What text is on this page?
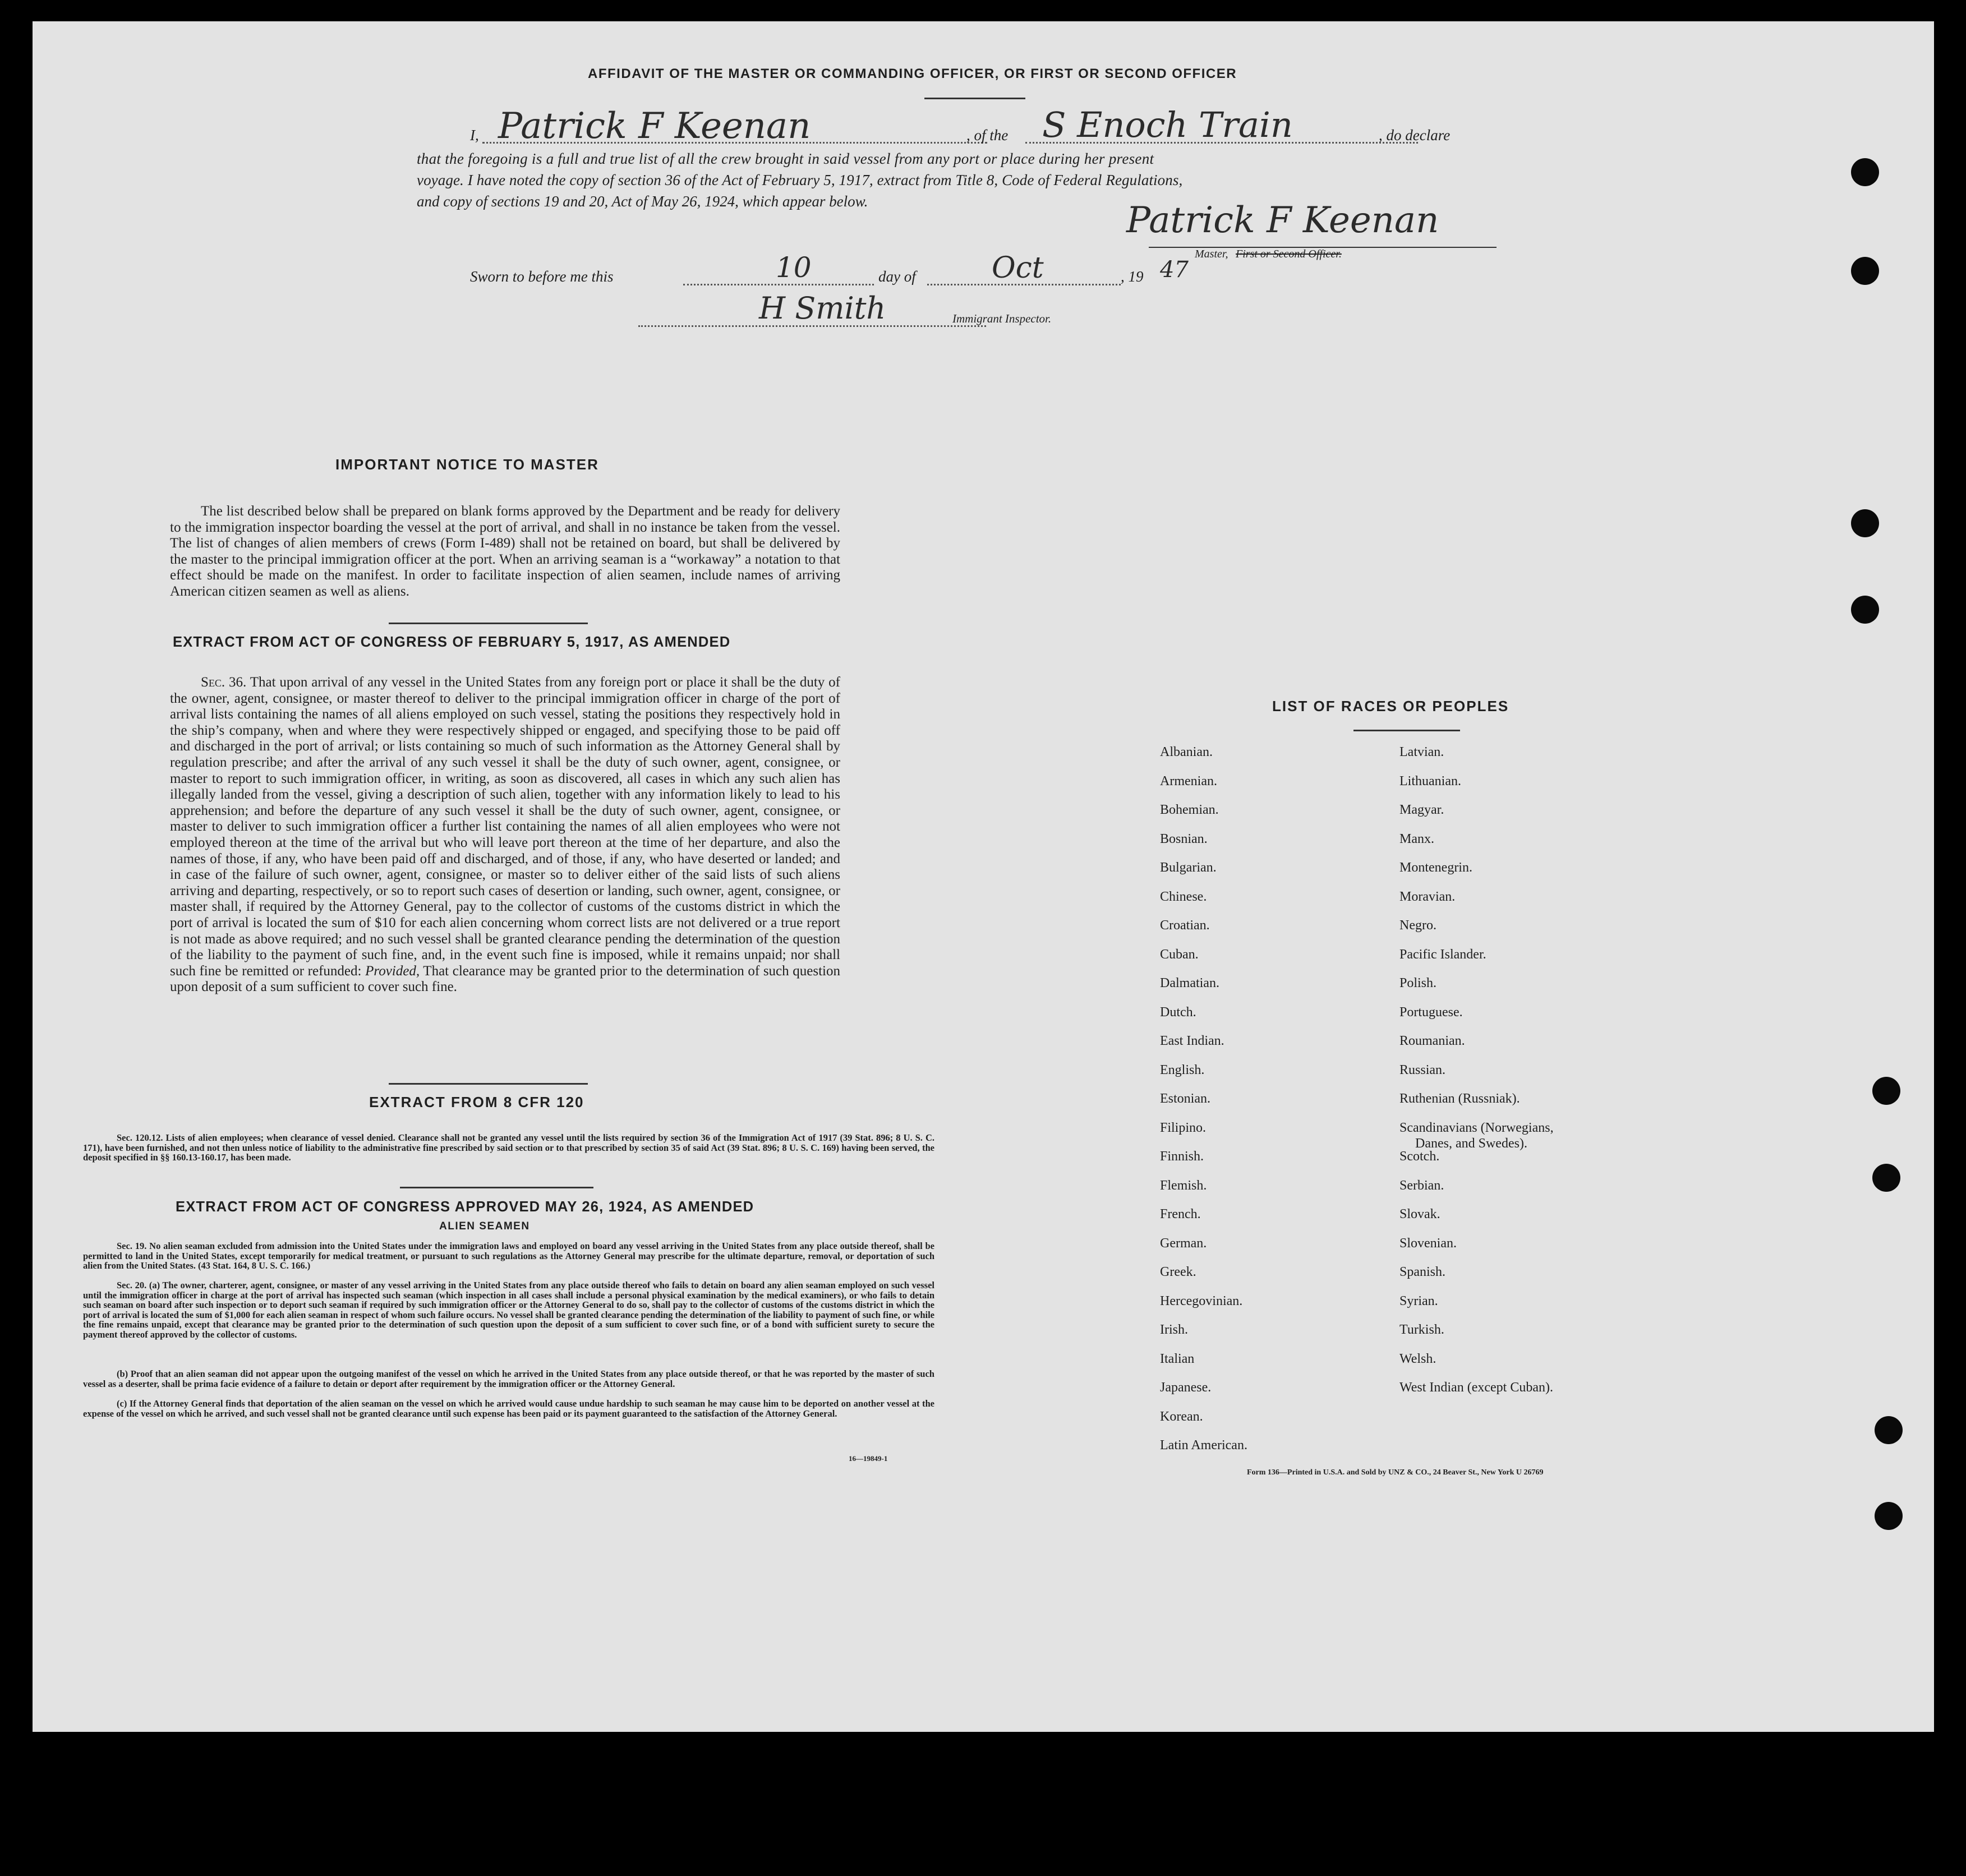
AFFIDAVIT OF THE MASTER OR COMMANDING OFFICER, OR FIRST OR SECOND OFFICER
I, Patrick F Keenan	, of the S Enoch Train	, do declare
that the foregoing is a full and true list of all the crew brought in said vessel from any port or place during her present
voyage. I have noted the copy of section 36 of the Act of February 5, 1917, extract from Title 8, Code of Federal Regulations,
and copy of sections 19 and 20, Act of May 26, 1924, which appear below.	Patrick F Keenan
Master, First or Second Officer.
Sworn to before me this	10	day of	Oct	, 19 47
H Smith	Immigrant Inspector.
IMPORTANT NOTICE TO MASTER

The list described below shall be prepared on blank forms approved by the Department and be ready for delivery to the immigration inspector boarding the vessel at the port of arrival, and shall in no instance be taken from the vessel. The list of changes of alien members of crews (Form I-489) shall not be retained on board, but shall be delivered by the master to the principal immigration officer at the port. When an arriving seaman is a “workaway” a notation to that effect should be made on the manifest. In order to facilitate inspection of alien seamen, include names of arriving American citizen seamen as well as aliens.

EXTRACT FROM ACT OF CONGRESS OF FEBRUARY 5, 1917, AS AMENDED

Sec. 36. That upon arrival of any vessel in the United States from any foreign port or place it shall be the duty of the owner, agent, consignee, or master thereof to deliver to the principal immigration officer in charge of the port of arrival lists containing the names of all aliens employed on such vessel, stating the positions they respectively hold in the ship’s company, when and where they were respectively shipped or engaged, and specifying those to be paid off and discharged in the port of arrival; or lists containing so much of such information as the Attorney General shall by regulation prescribe; and after the arrival of any such vessel it shall be the duty of such owner, agent, consignee, or master to report to such immigration officer, in writing, as soon as discovered, all cases in which any such alien has illegally landed from the vessel, giving a description of such alien, together with any information likely to lead to his apprehension; and before the departure of any such vessel it shall be the duty of such owner, agent, consignee, or master to deliver to such immigration officer a further list containing the names of all alien employees who were not employed thereon at the time of the arrival but who will leave port thereon at the time of her departure, and also the names of those, if any, who have been paid off and discharged, and of those, if any, who have deserted or landed; and in case of the failure of such owner, agent, consignee, or master so to deliver either of the said lists of such aliens arriving and departing, respectively, or so to report such cases of desertion or landing, such owner, agent, consignee, or master shall, if required by the Attorney General, pay to the collector of customs of the customs district in which the port of arrival is located the sum of $10 for each alien concerning whom correct lists are not delivered or a true report is not made as above required; and no such vessel shall be granted clearance pending the determination of the question of the liability to the payment of such fine, and, in the event such fine is imposed, while it remains unpaid; nor shall such fine be remitted or refunded: Provided, That clearance may be granted prior to the determination of such question upon deposit of a sum sufficient to cover such fine.

EXTRACT FROM 8 CFR 120

Sec. 120.12. Lists of alien employees; when clearance of vessel denied. Clearance shall not be granted any vessel until the lists required by section 36 of the Immigration Act of 1917 (39 Stat. 896; 8 U. S. C. 171), have been furnished, and not then unless notice of liability to the administrative fine prescribed by said section or to that prescribed by section 35 of said Act (39 Stat. 896; 8 U. S. C. 169) having been served, the deposit specified in §§ 160.13-160.17, has been made.

EXTRACT FROM ACT OF CONGRESS APPROVED MAY 26, 1924, AS AMENDED
ALIEN SEAMEN

Sec. 19. No alien seaman excluded from admission into the United States under the immigration laws and employed on board any vessel arriving in the United States from any place outside thereof, shall be permitted to land in the United States, except temporarily for medical treatment, or pursuant to such regulations as the Attorney General may prescribe for the ultimate departure, removal, or deportation of such alien from the United States. (43 Stat. 164, 8 U. S. C. 166.)

Sec. 20. (a) The owner, charterer, agent, consignee, or master of any vessel arriving in the United States from any place outside thereof who fails to detain on board any alien seaman employed on such vessel until the immigration officer in charge at the port of arrival has inspected such seaman (which inspection in all cases shall include a personal physical examination by the medical examiners), or who fails to detain such seaman on board after such inspection or to deport such seaman if required by such immigration officer or the Attorney General to do so, shall pay to the collector of customs of the customs district in which the port of arrival is located the sum of $1,000 for each alien seaman in respect of whom such failure occurs. No vessel shall be granted clearance pending the determination of the liability to payment of such fine, or while the fine remains unpaid, except that clearance may be granted prior to the determination of such question upon the deposit of a sum sufficient to cover such fine, or of a bond with sufficient surety to secure the payment thereof approved by the collector of customs.

(b) Proof that an alien seaman did not appear upon the outgoing manifest of the vessel on which he arrived in the United States from any place outside thereof, or that he was reported by the master of such vessel as a deserter, shall be prima facie evidence of a failure to detain or deport after requirement by the immigration officer or the Attorney General.

(c) If the Attorney General finds that deportation of the alien seaman on the vessel on which he arrived would cause undue hardship to such seaman he may cause him to be deported on another vessel at the expense of the vessel on which he arrived, and such vessel shall not be granted clearance until such expense has been paid or its payment guaranteed to the satisfaction of the Attorney General.

16—19849-1
LIST OF RACES OR PEOPLES
Danes, and Swedes).
Form 136—Printed in U.S.A. and Sold by UNZ & CO., 24 Beaver St., New York U 26769
Albanian.
Armenian.
Bohemian.
Bosnian.
Bulgarian.
Chinese.
Croatian.
Cuban.
Dalmatian.
Dutch.
East Indian.
English.
Estonian.
Filipino.
Finnish.
Flemish.
French.
German.
Greek.
Hercegovinian.
Irish.
Italian
Japanese.
Korean.
Latin American.
Latvian.
Lithuanian.
Magyar.
Manx.
Montenegrin.
Moravian.
Negro.
Pacific Islander.
Polish.
Portuguese.
Roumanian.
Russian.
Ruthenian (Russniak).
Scandinavians (Norwegians,
Scotch.
Serbian.
Slovak.
Slovenian.
Spanish.
Syrian.
Turkish.
Welsh.
West Indian (except Cuban).
